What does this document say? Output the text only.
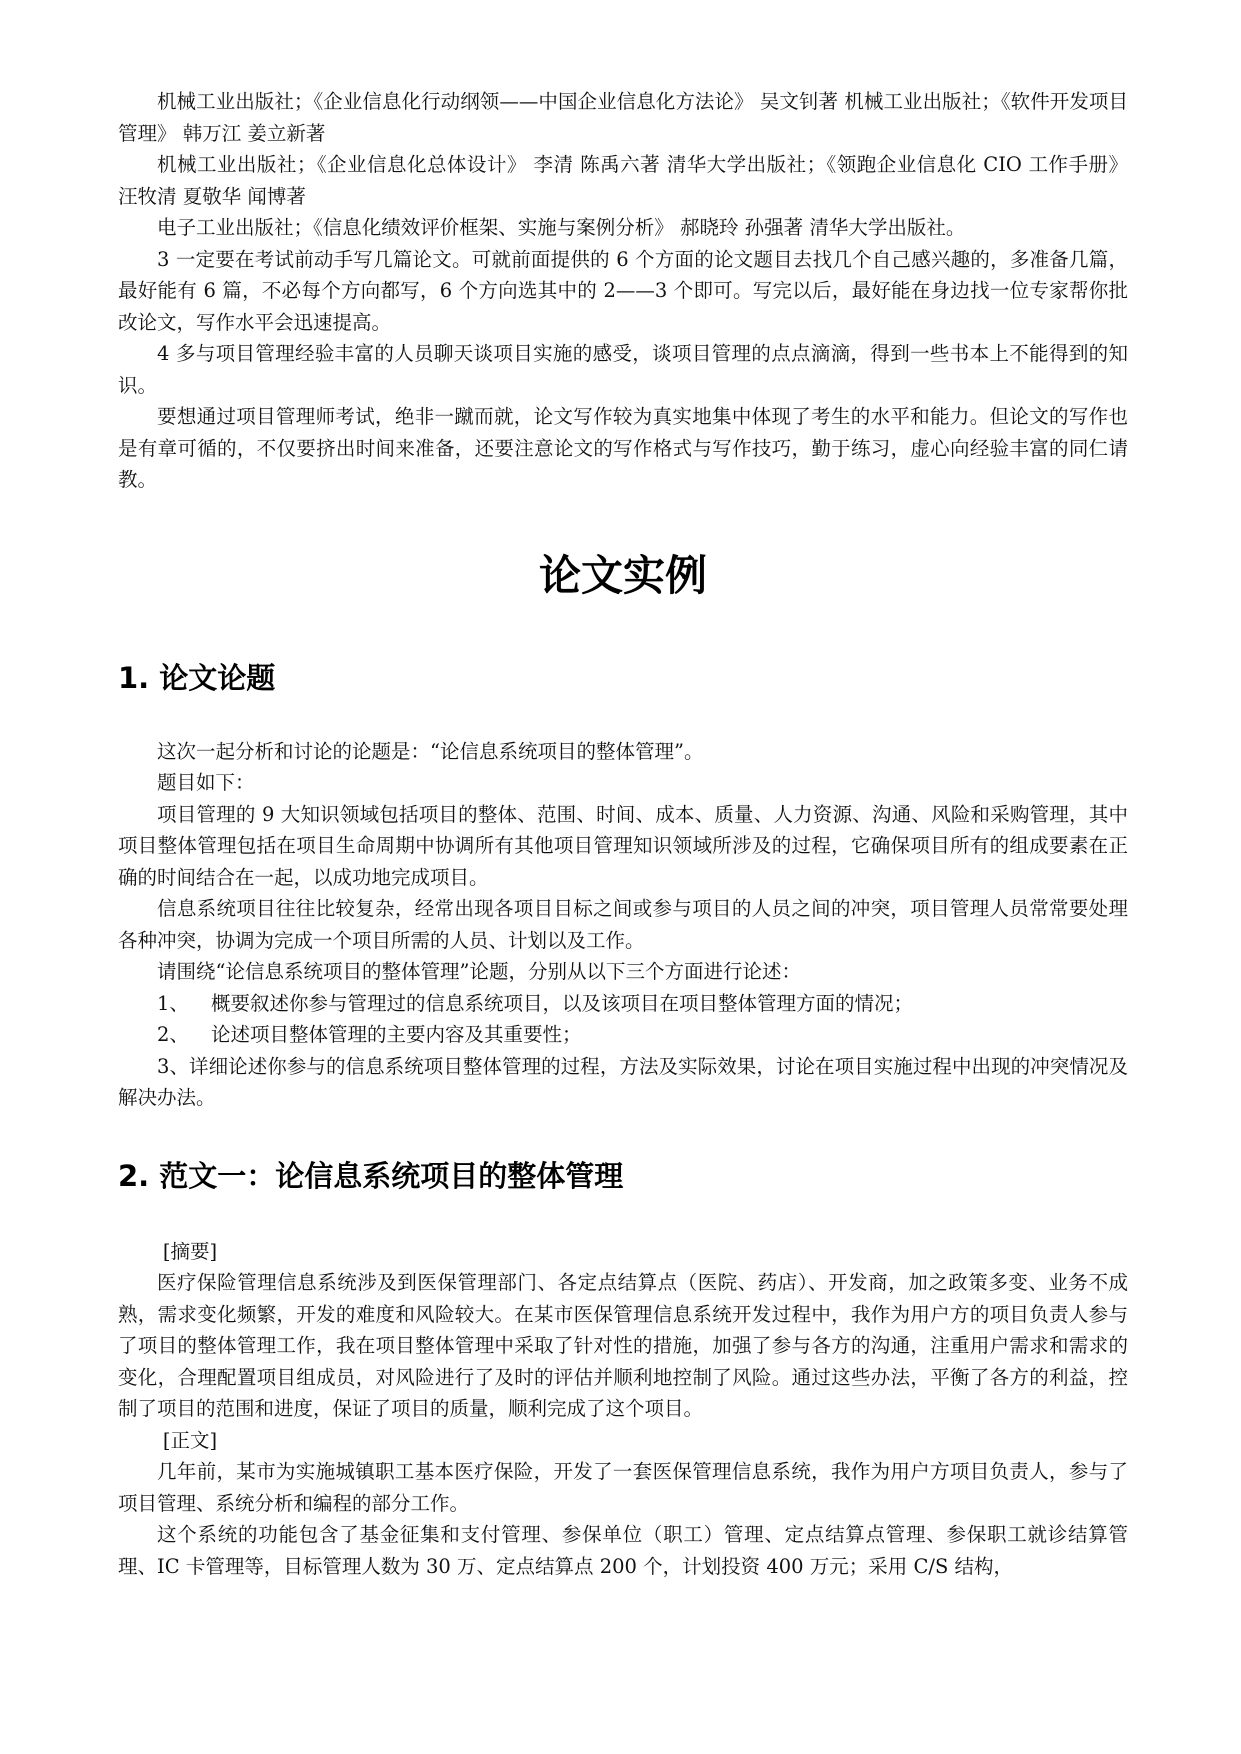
机械工业出版社；《企业信息化行动纲领——中国企业信息化方法论》 吴文钊著 机械工业出版社；《软件开发项目管理》 韩万江 姜立新著

机械工业出版社；《企业信息化总体设计》 李清 陈禹六著 清华大学出版社；《领跑企业信息化 CIO 工作手册》 汪牧清 夏敬华 闻博著

电子工业出版社；《信息化绩效评价框架、实施与案例分析》 郝晓玲 孙强著 清华大学出版社。

3 一定要在考试前动手写几篇论文。可就前面提供的 6 个方面的论文题目去找几个自己感兴趣的，多准备几篇，最好能有 6 篇，不必每个方向都写，6 个方向选其中的 2——3 个即可。写完以后，最好能在身边找一位专家帮你批改论文，写作水平会迅速提高。

4 多与项目管理经验丰富的人员聊天谈项目实施的感受，谈项目管理的点点滴滴，得到一些书本上不能得到的知识。

要想通过项目管理师考试，绝非一蹴而就，论文写作较为真实地集中体现了考生的水平和能力。但论文的写作也是有章可循的，不仅要挤出时间来准备，还要注意论文的写作格式与写作技巧，勤于练习，虚心向经验丰富的同仁请教。

论文实例
1. 论文论题

这次一起分析和讨论的论题是：“论信息系统项目的整体管理”。

题目如下：

项目管理的 9 大知识领域包括项目的整体、范围、时间、成本、质量、人力资源、沟通、风险和采购管理，其中项目整体管理包括在项目生命周期中协调所有其他项目管理知识领域所涉及的过程，它确保项目所有的组成要素在正确的时间结合在一起，以成功地完成项目。

信息系统项目往往比较复杂，经常出现各项目目标之间或参与项目的人员之间的冲突，项目管理人员常常要处理各种冲突，协调为完成一个项目所需的人员、计划以及工作。

请围绕“论信息系统项目的整体管理”论题，分别从以下三个方面进行论述：

1、	概要叙述你参与管理过的信息系统项目，以及该项目在项目整体管理方面的情况；
2、	论述项目整体管理的主要内容及其重要性；

3、详细论述你参与的信息系统项目整体管理的过程，方法及实际效果，讨论在项目实施过程中出现的冲突情况及解决办法。

2. 范文一：论信息系统项目的整体管理

[摘要]

医疗保险管理信息系统涉及到医保管理部门、各定点结算点（医院、药店）、开发商，加之政策多变、业务不成熟，需求变化频繁，开发的难度和风险较大。在某市医保管理信息系统开发过程中，我作为用户方的项目负责人参与了项目的整体管理工作，我在项目整体管理中采取了针对性的措施，加强了参与各方的沟通，注重用户需求和需求的变化，合理配置项目组成员，对风险进行了及时的评估并顺利地控制了风险。通过这些办法，平衡了各方的利益，控制了项目的范围和进度，保证了项目的质量，顺利完成了这个项目。

[正文]

几年前，某市为实施城镇职工基本医疗保险，开发了一套医保管理信息系统，我作为用户方项目负责人，参与了项目管理、系统分析和编程的部分工作。

这个系统的功能包含了基金征集和支付管理、参保单位（职工）管理、定点结算点管理、参保职工就诊结算管理、IC 卡管理等，目标管理人数为 30 万、定点结算点 200 个，计划投资 400 万元；采用 C/S 结构，
